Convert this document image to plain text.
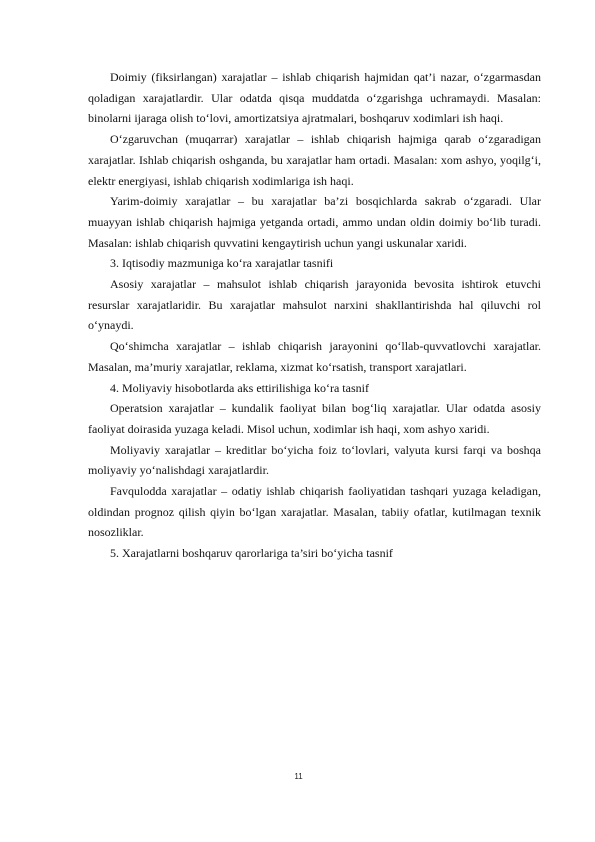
Doimiy (fiksirlangan) xarajatlar – ishlab chiqarish hajmidan qat’i nazar, o‘zgarmasdan qoladigan xarajatlardir. Ular odatda qisqa muddatda o‘zgarishga uchramaydi. Masalan: binolarni ijaraga olish to‘lovi, amortizatsiya ajratmalari, boshqaruv xodimlari ish haqi.

O‘zgaruvchan (muqarrar) xarajatlar – ishlab chiqarish hajmiga qarab o‘zgaradigan xarajatlar. Ishlab chiqarish oshganda, bu xarajatlar ham ortadi. Masalan: xom ashyo, yoqilg‘i, elektr energiyasi, ishlab chiqarish xodimlariga ish haqi.

Yarim-doimiy xarajatlar – bu xarajatlar ba’zi bosqichlarda sakrab o‘zgaradi. Ular muayyan ishlab chiqarish hajmiga yetganda ortadi, ammo undan oldin doimiy bo‘lib turadi. Masalan: ishlab chiqarish quvvatini kengaytirish uchun yangi uskunalar xaridi.

3. Iqtisodiy mazmuniga ko‘ra xarajatlar tasnifi

Asosiy xarajatlar – mahsulot ishlab chiqarish jarayonida bevosita ishtirok etuvchi resurslar xarajatlaridir. Bu xarajatlar mahsulot narxini shakllantirishda hal qiluvchi rol o‘ynaydi.

Qo‘shimcha xarajatlar – ishlab chiqarish jarayonini qo‘llab-quvvatlovchi xarajatlar. Masalan, ma’muriy xarajatlar, reklama, xizmat ko‘rsatish, transport xarajatlari.

4. Moliyaviy hisobotlarda aks ettirilishiga ko‘ra tasnif

Operatsion xarajatlar – kundalik faoliyat bilan bog‘liq xarajatlar. Ular odatda asosiy faoliyat doirasida yuzaga keladi. Misol uchun, xodimlar ish haqi, xom ashyo xaridi.

Moliyaviy xarajatlar – kreditlar bo‘yicha foiz to‘lovlari, valyuta kursi farqi va boshqa moliyaviy yo‘nalishdagi xarajatlardir.

Favqulodda xarajatlar – odatiy ishlab chiqarish faoliyatidan tashqari yuzaga keladigan, oldindan prognoz qilish qiyin bo‘lgan xarajatlar. Masalan, tabiiy ofatlar, kutilmagan texnik nosozliklar.

5. Xarajatlarni boshqaruv qarorlariga ta’siri bo‘yicha tasnif

11
